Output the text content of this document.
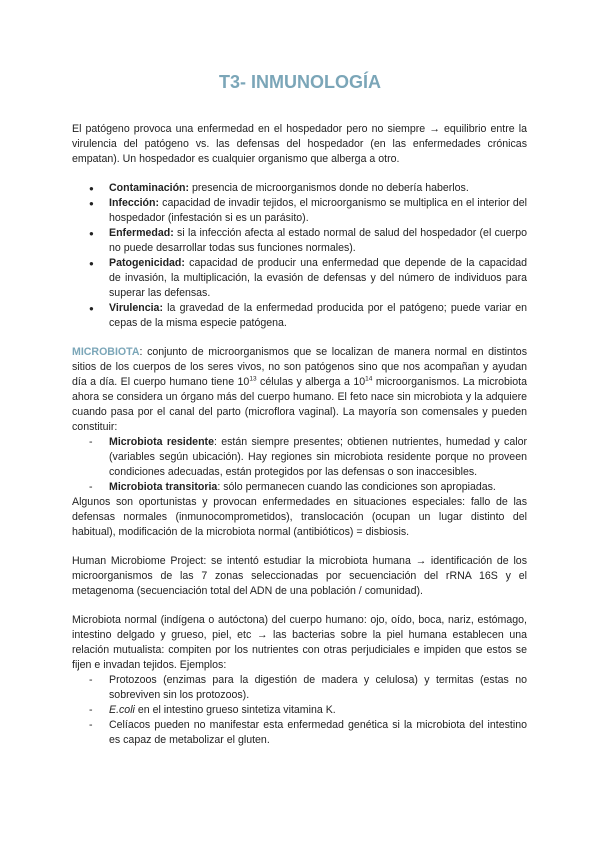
T3- INMUNOLOGÍA

El patógeno provoca una enfermedad en el hospedador pero no siempre → equilibrio entre la virulencia del patógeno vs. las defensas del hospedador (en las enfermedades crónicas empatan). Un hospedador es cualquier organismo que alberga a otro.

● Contaminación: presencia de microorganismos donde no debería haberlos.
● Infección: capacidad de invadir tejidos, el microorganismo se multiplica en el interior del hospedador (infestación si es un parásito).
● Enfermedad: si la infección afecta al estado normal de salud del hospedador (el cuerpo no puede desarrollar todas sus funciones normales).
● Patogenicidad: capacidad de producir una enfermedad que depende de la capacidad de invasión, la multiplicación, la evasión de defensas y del número de individuos para superar las defensas.
● Virulencia: la gravedad de la enfermedad producida por el patógeno; puede variar en cepas de la misma especie patógena.

MICROBIOTA: conjunto de microorganismos que se localizan de manera normal en distintos sitios de los cuerpos de los seres vivos, no son patógenos sino que nos acompañan y ayudan día a día. El cuerpo humano tiene $10^{13}$ células y alberga a $10^{14}$ microorganismos. La microbiota ahora se considera un órgano más del cuerpo humano. El feto nace sin microbiota y la adquiere cuando pasa por el canal del parto (microflora vaginal). La mayoría son comensales y pueden constituir:

- Microbiota residente: están siempre presentes; obtienen nutrientes, humedad y calor (variables según ubicación). Hay regiones sin microbiota residente porque no proveen condiciones adecuadas, están protegidos por las defensas o son inaccesibles.
- Microbiota transitoria: sólo permanecen cuando las condiciones son apropiadas.

Algunos son oportunistas y provocan enfermedades en situaciones especiales: fallo de las defensas normales (inmunocomprometidos), translocación (ocupan un lugar distinto del habitual), modificación de la microbiota normal (antibióticos) = disbiosis.

Human Microbiome Project: se intentó estudiar la microbiota humana → identificación de los microorganismos de las 7 zonas seleccionadas por secuenciación del rRNA 16S y el metagenoma (secuenciación total del ADN de una población / comunidad).

Microbiota normal (indígena o autóctona) del cuerpo humano: ojo, oído, boca, nariz, estómago, intestino delgado y grueso, piel, etc → las bacterias sobre la piel humana establecen una relación mutualista: compiten por los nutrientes con otras perjudiciales e impiden que estos se fijen e invadan tejidos. Ejemplos:

- Protozoos (enzimas para la digestión de madera y celulosa) y termitas (estas no sobreviven sin los protozoos).
- E.coli en el intestino grueso sintetiza vitamina K.
- Celíacos pueden no manifestar esta enfermedad genética si la microbiota del intestino es capaz de metabolizar el gluten.
